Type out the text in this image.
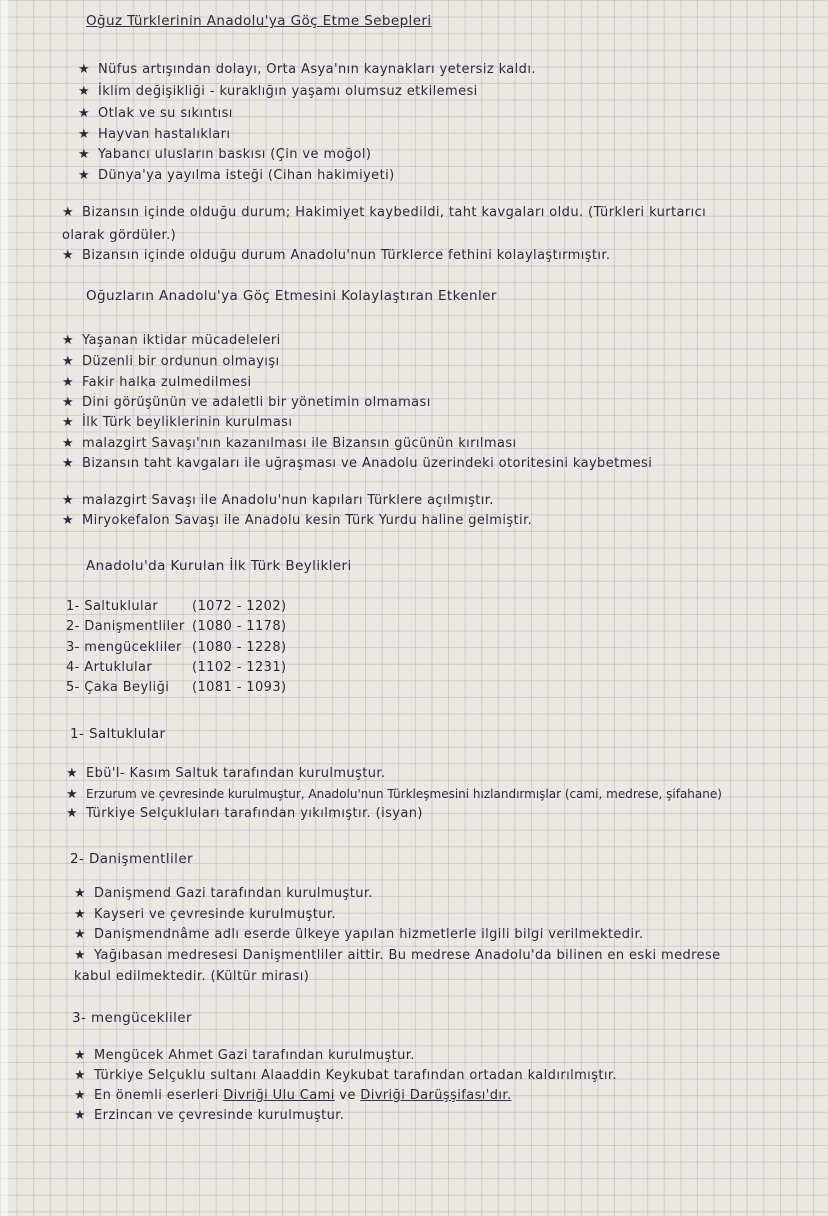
Oğuz Türklerinin Anadolu'ya Göç Etme Sebepleri
★ Nüfus artışından dolayı, Orta Asya'nın kaynakları yetersiz kaldı.
★ İklim değişikliği - kuraklığın yaşamı olumsuz etkilemesi
★ Otlak ve su sıkıntısı
★ Hayvan hastalıkları
★ Yabancı ulusların baskısı (Çin ve moğol)
★ Dünya'ya yayılma isteği (Cihan hakimiyeti)
★ Bizansın içinde olduğu durum; Hakimiyet kaybedildi, taht kavgaları oldu. (Türkleri kurtarıcı
olarak gördüler.)
★ Bizansın içinde olduğu durum Anadolu'nun Türklerce fethini kolaylaştırmıştır.
Oğuzların Anadolu'ya Göç Etmesini Kolaylaştıran Etkenler
★ Yaşanan iktidar mücadeleleri
★ Düzenli bir ordunun olmayışı
★ Fakir halka zulmedilmesi
★ Dini görüşünün ve adaletli bir yönetimin olmaması
★ İlk Türk beyliklerinin kurulması
★ malazgirt Savaşı'nın kazanılması ile Bizansın gücünün kırılması
★ Bizansın taht kavgaları ile uğraşması ve Anadolu üzerindeki otoritesini kaybetmesi
★ malazgirt Savaşı ile Anadolu'nun kapıları Türklere açılmıştır.
★ Miryokefalon Savaşı ile Anadolu kesin Türk Yurdu haline gelmiştir.
Anadolu'da Kurulan İlk Türk Beylikleri
1- Saltuklular	(1072 - 1202)
2- Danişmentliler (1080 - 1178)
3- mengücekliler (1080 - 1228)
4- Artuklular	(1102 - 1231)
5- Çaka Beyliği (1081 - 1093)
1- Saltuklular
★ Ebü'l- Kasım Saltuk tarafından kurulmuştur.
★ Erzurum ve çevresinde kurulmuştur, Anadolu'nun Türkleşmesini hızlandırmışlar (cami, medrese, şifahane)
★ Türkiye Selçukluları tarafından yıkılmıştır. (isyan)
2- Danişmentliler
★ Danişmend Gazi tarafından kurulmuştur.
★ Kayseri ve çevresinde kurulmuştur.
★ Danişmendnâme adlı eserde ülkeye yapılan hizmetlerle ilgili bilgi verilmektedir.
★ Yağıbasan medresesi Danişmentliler aittir. Bu medrese Anadolu'da bilinen en eski medrese
kabul edilmektedir. (Kültür mirası)
3- mengücekliler
★ Mengücek Ahmet Gazi tarafından kurulmuştur.
★ Türkiye Selçuklu sultanı Alaaddin Keykubat tarafından ortadan kaldırılmıştır.
★ En önemli eserleri Divriği Ulu Cami ve Divriği Darüşşifası'dır.
★ Erzincan ve çevresinde kurulmuştur.
